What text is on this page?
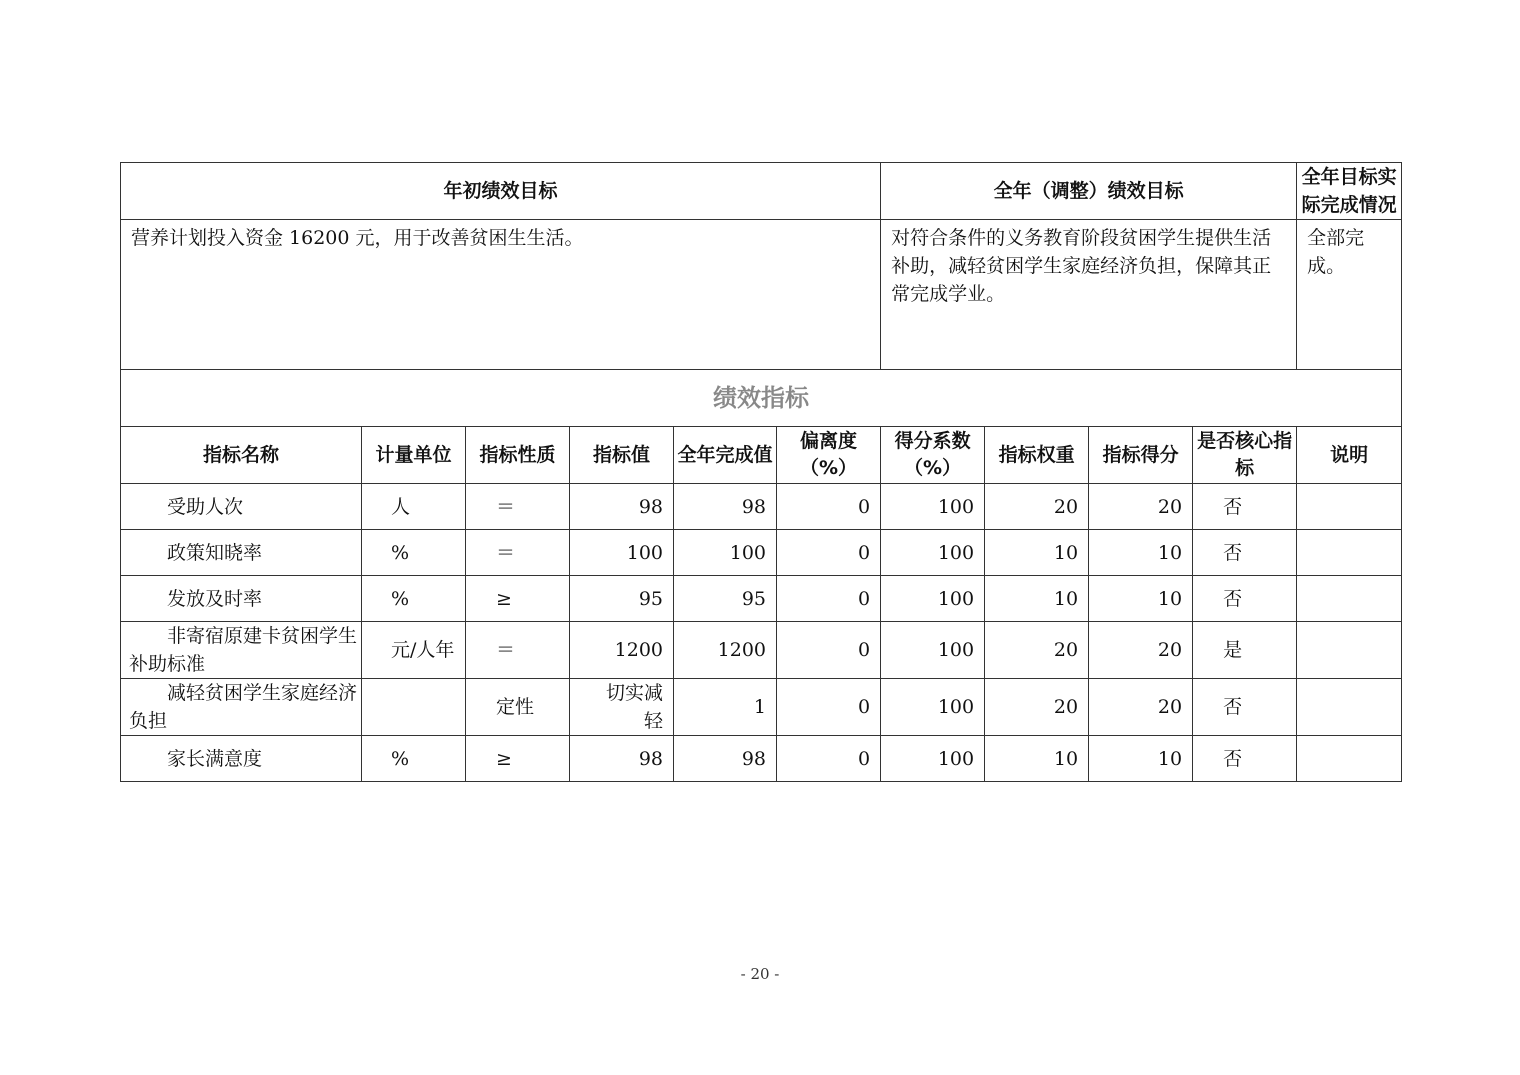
年初绩效目标						全年（调整）绩效目标				全年目标实际完成情况
营养计划投入资金 16200 元，用于改善贫困生生活。						对符合条件的义务教育阶段贫困学生提供生活补助，减轻贫困学生家庭经济负担，保障其正常完成学业。				全部完成。
绩效指标										
指标名称	计量单位	指标性质	指标值	全年完成值	偏离度（%）	得分系数（%）	指标权重	指标得分	是否核心指标	说明

受助人次	人	＝	98	98	0	100	20	20	否	

政策知晓率	%	＝	100	100	0	100	10	10	否	

发放及时率	%	≥	95	95	0	100	10	10	否	

非寄宿原建卡贫困学生补助标准	元/人年	＝	1200	1200	0	100	20	20	是	

减轻贫困学生家庭经济负担		定性	切实减轻	1	0	100	20	20	否	

家长满意度	%	≥	98	98	0	100	10	10	否	
- 20 -
